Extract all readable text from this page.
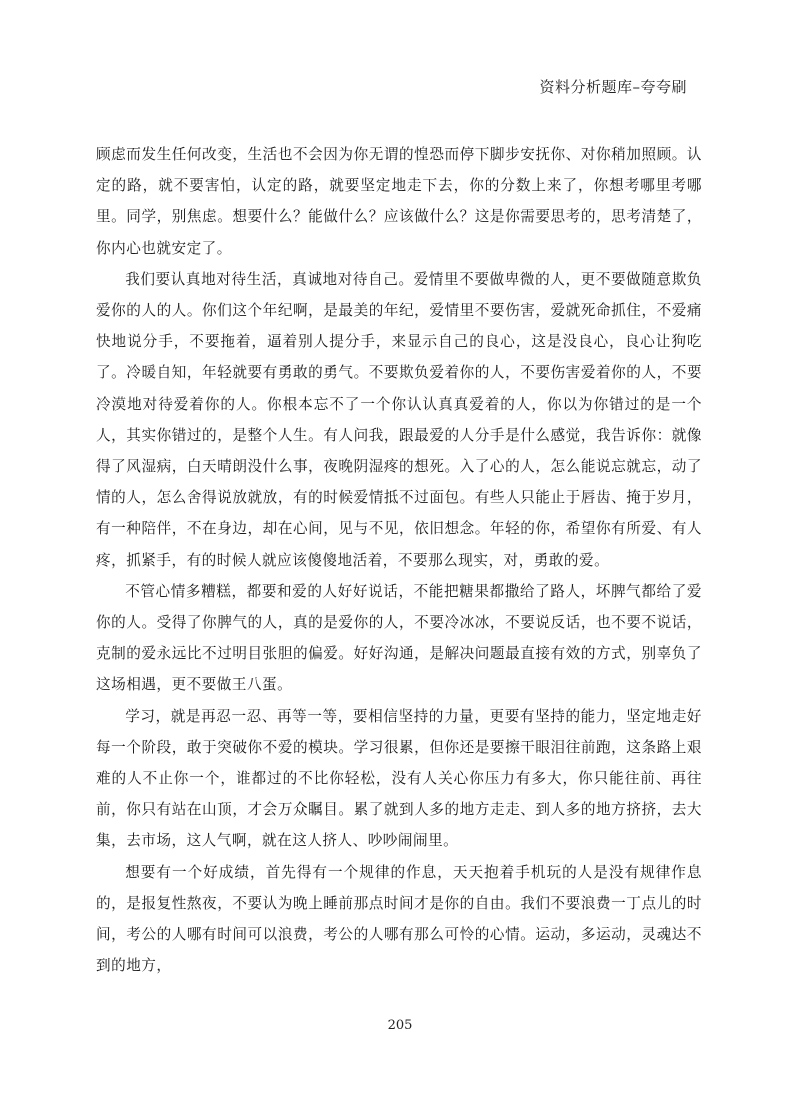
资料分析题库–夸夸刷

顾虑而发生任何改变，生活也不会因为你无谓的惶恐而停下脚步安抚你、对你稍加照顾。认定的路，就不要害怕，认定的路，就要坚定地走下去，你的分数上来了，你想考哪里考哪里。同学，别焦虑。想要什么？能做什么？应该做什么？这是你需要思考的，思考清楚了，你内心也就安定了。

我们要认真地对待生活，真诚地对待自己。爱情里不要做卑微的人，更不要做随意欺负爱你的人的人。你们这个年纪啊，是最美的年纪，爱情里不要伤害，爱就死命抓住，不爱痛快地说分手，不要拖着，逼着别人提分手，来显示自己的良心，这是没良心，良心让狗吃了。冷暖自知，年轻就要有勇敢的勇气。不要欺负爱着你的人，不要伤害爱着你的人，不要冷漠地对待爱着你的人。你根本忘不了一个你认认真真爱着的人，你以为你错过的是一个人，其实你错过的，是整个人生。有人问我，跟最爱的人分手是什么感觉，我告诉你：就像得了风湿病，白天晴朗没什么事，夜晚阴湿疼的想死。入了心的人，怎么能说忘就忘，动了情的人，怎么舍得说放就放，有的时候爱情抵不过面包。有些人只能止于唇齿、掩于岁月，有一种陪伴，不在身边，却在心间，见与不见，依旧想念。年轻的你，希望你有所爱、有人疼，抓紧手，有的时候人就应该傻傻地活着，不要那么现实，对，勇敢的爱。

不管心情多糟糕，都要和爱的人好好说话，不能把糖果都撒给了路人，坏脾气都给了爱你的人。受得了你脾气的人，真的是爱你的人，不要冷冰冰，不要说反话，也不要不说话，克制的爱永远比不过明目张胆的偏爱。好好沟通，是解决问题最直接有效的方式，别辜负了这场相遇，更不要做王八蛋。

学习，就是再忍一忍、再等一等，要相信坚持的力量，更要有坚持的能力，坚定地走好每一个阶段，敢于突破你不爱的模块。学习很累，但你还是要擦干眼泪往前跑，这条路上艰难的人不止你一个，谁都过的不比你轻松，没有人关心你压力有多大，你只能往前、再往前，你只有站在山顶，才会万众瞩目。累了就到人多的地方走走、到人多的地方挤挤，去大集，去市场，这人气啊，就在这人挤人、吵吵闹闹里。

想要有一个好成绩，首先得有一个规律的作息，天天抱着手机玩的人是没有规律作息的，是报复性熬夜，不要认为晚上睡前那点时间才是你的自由。我们不要浪费一丁点儿的时间，考公的人哪有时间可以浪费，考公的人哪有那么可怜的心情。运动，多运动，灵魂达不到的地方，

205
